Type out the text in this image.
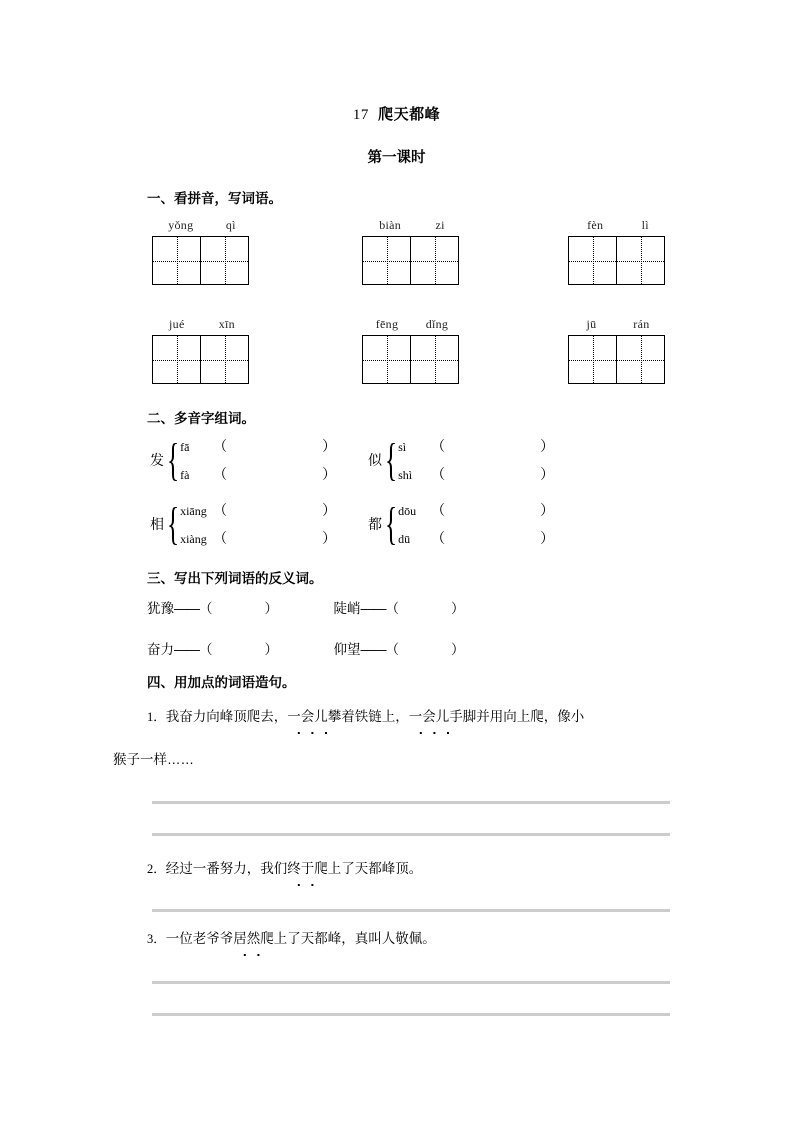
17 爬天都峰
第一课时
一、看拼音，写词语。
yǒng	qì	biàn	zi	fèn	lì
jué	xīn	fēng dǐng	jū	rán
二、多音字组词。
发 { fā	（	）
fà	（	）
似 { sì	（	）
shì	（	）
相 { xiāng （	）
xiàng （	）
都 { dōu	（	）
dū	（	）
三、写出下列词语的反义词。
犹豫——（	）	陡峭——（	）
奋力——（	）	仰望——（	）
四、用加点的词语造句。
1．我奋力向峰顶爬去，一会儿攀着铁链上，一会儿手脚并用向上爬，像小
猴子一样……
2．经过一番努力，我们终于爬上了天都峰顶。
3．一位老爷爷居然爬上了天都峰，真叫人敬佩。
